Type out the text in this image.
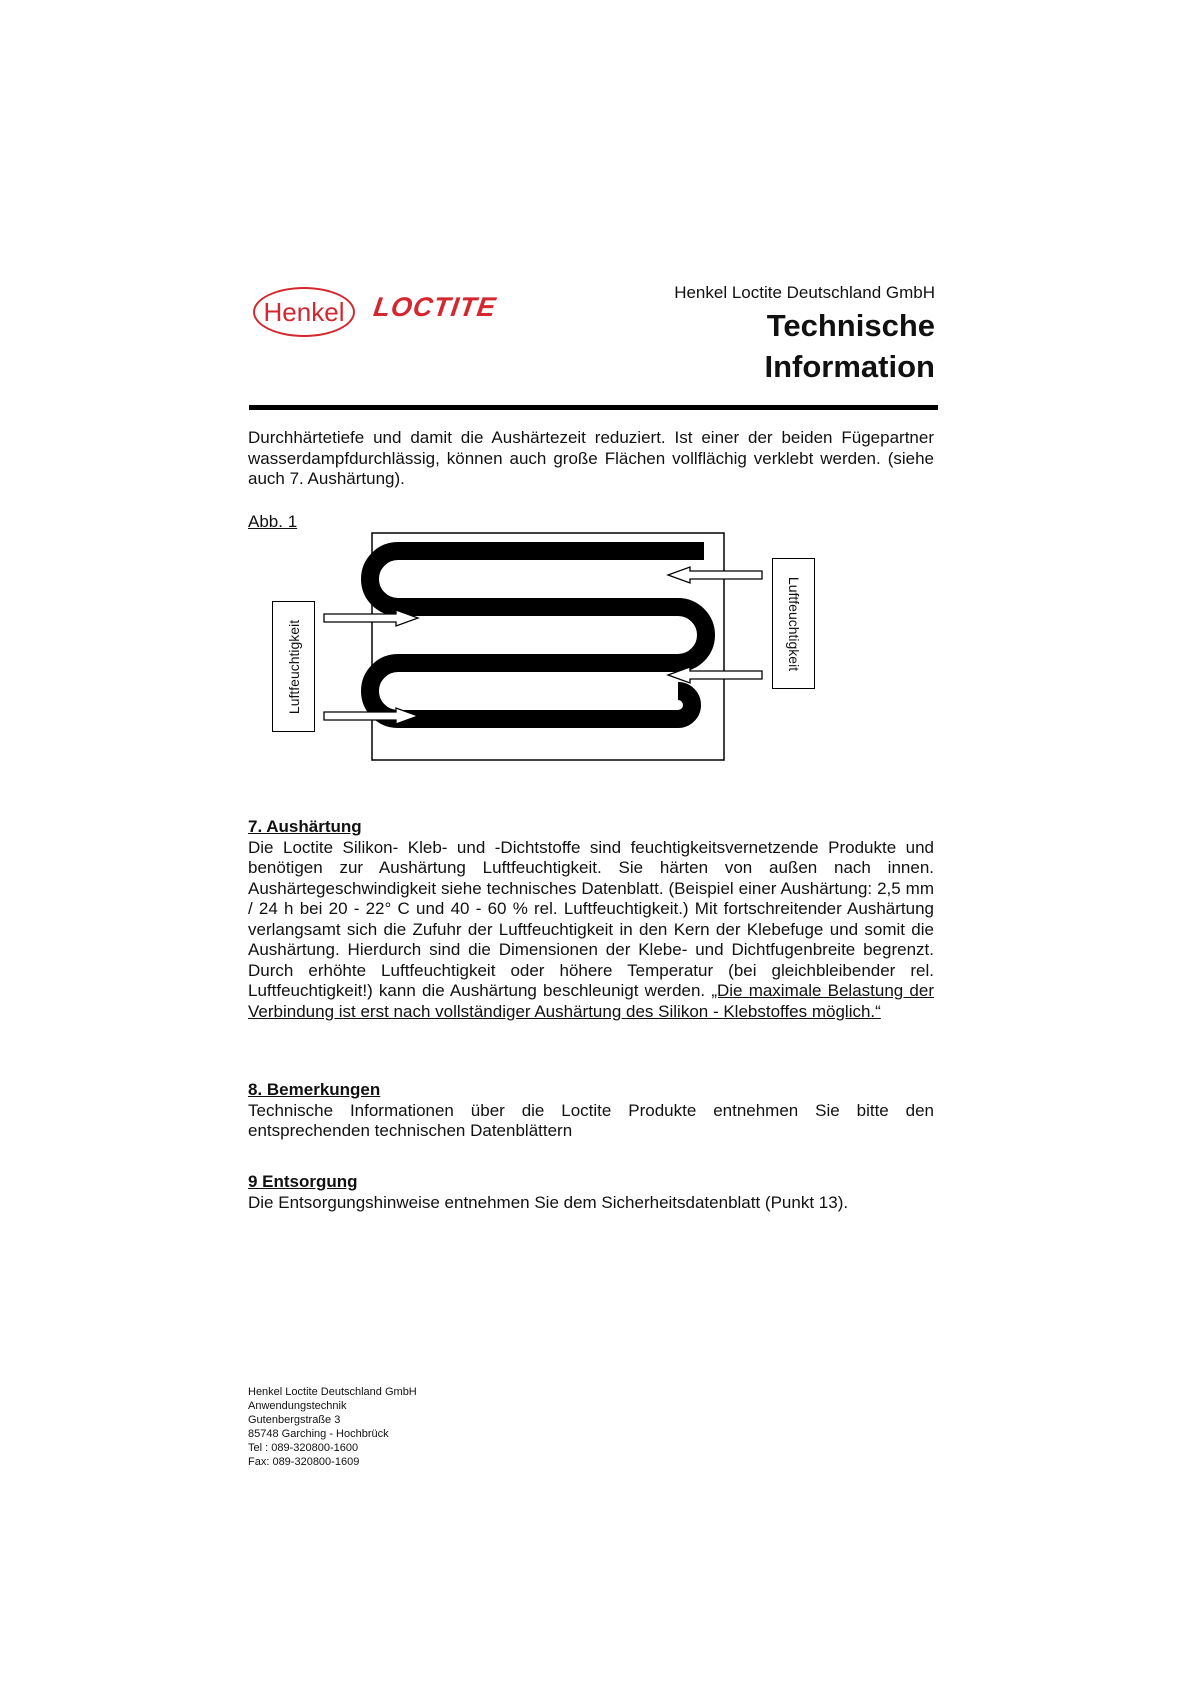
Henkel LOCTITE	Henkel Loctite Deutschland GmbH
Technische
Information
Durchhärtetiefe und damit die Aushärtezeit reduziert. Ist einer der beiden Fügepartner wasserdampfdurchlässig, können auch große Flächen vollflächig verklebt werden. (siehe auch 7. Aushärtung).
Abb. 1
Luftfeuchtigkeit	Luftfeuchtigkeit
7. Aushärtung

Die Loctite Silikon- Kleb- und -Dichtstoffe sind feuchtigkeitsvernetzende Produkte und benötigen zur Aushärtung Luftfeuchtigkeit. Sie härten von außen nach innen. Aushärtegeschwindigkeit siehe technisches Datenblatt. (Beispiel einer Aushärtung: 2,5 mm / 24 h bei 20 - 22° C und 40 - 60 % rel. Luftfeuchtigkeit.) Mit fortschreitender Aushärtung verlangsamt sich die Zufuhr der Luftfeuchtigkeit in den Kern der Klebefuge und somit die Aushärtung. Hierdurch sind die Dimensionen der Klebe- und Dichtfugenbreite begrenzt. Durch erhöhte Luftfeuchtigkeit oder höhere Temperatur (bei gleichbleibender rel. Luftfeuchtigkeit!) kann die Aushärtung beschleunigt werden. „Die maximale Belastung der Verbindung ist erst nach vollständiger Aushärtung des Silikon - Klebstoffes möglich.“

8. Bemerkungen

Technische Informationen über die Loctite Produkte entnehmen Sie bitte den entsprechenden technischen Datenblättern

9 Entsorgung

Die Entsorgungshinweise entnehmen Sie dem Sicherheitsdatenblatt (Punkt 13).

Henkel Loctite Deutschland GmbH
Anwendungstechnik
Gutenbergstraße 3
85748 Garching - Hochbrück
Tel : 089-320800-1600
Fax: 089-320800-1609
